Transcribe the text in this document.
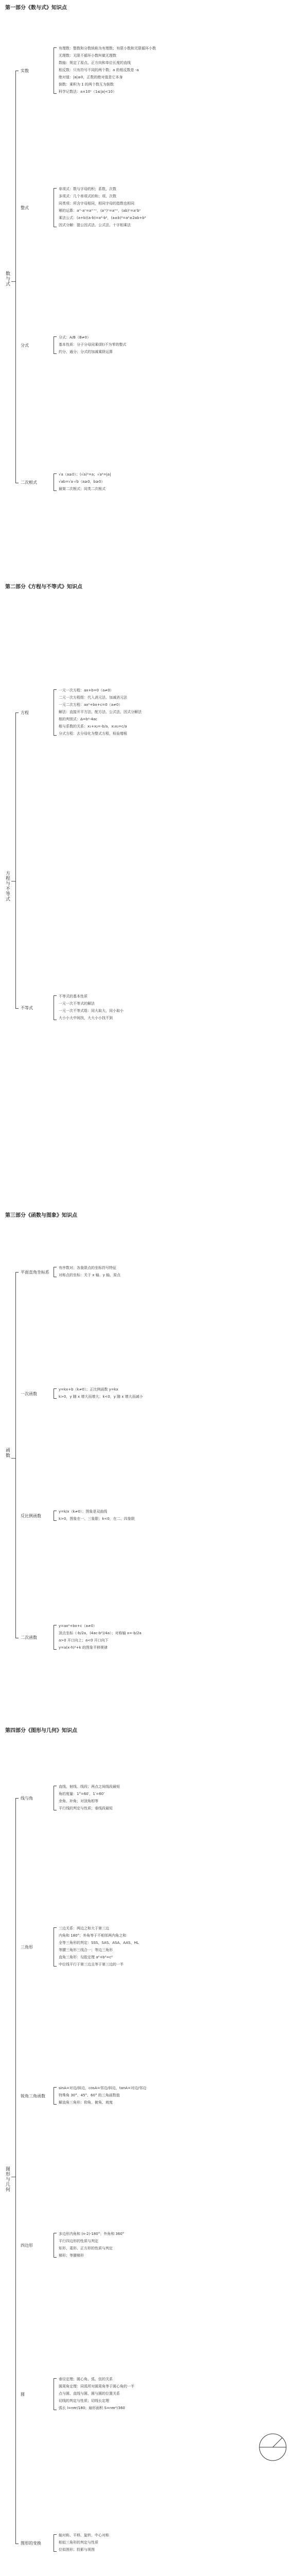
第一部分《数与式》知识点
数与式
实数
有理数：整数和分数统称为有理数；有限小数和无限循环小数
无理数：无限不循环小数叫做无理数
数轴：规定了原点、正方向和单位长度的直线
相反数：只有符号不同的两个数；a 的相反数是 -a
绝对值：|a|≥0，正数的绝对值是它本身
倒数：乘积为 1 的两个数互为倒数
科学记数法：a×10ⁿ（1≤|a|<10）
整式
单项式：数与字母的积；系数、次数
多项式：几个单项式的和；项、次数
同类项：所含字母相同，相同字母的指数也相同
幂的运算：aᵐ·aⁿ=aᵐ⁺ⁿ，(aᵐ)ⁿ=aᵐⁿ，(ab)ⁿ=aⁿbⁿ
乘法公式：(a+b)(a-b)=a²-b²，(a±b)²=a²±2ab+b²
因式分解：提公因式法、公式法、十字相乘法
分式
分式：A/B（B≠0）
基本性质：分子分母同乘(除)不为零的整式
约分、通分；分式的加减乘除运算
二次根式
√a（a≥0）；(√a)²=a；√a²=|a|
√ab=√a·√b（a≥0，b≥0）
最简二次根式；同类二次根式
第二部分《方程与不等式》知识点
方程与不等式
方程
一元一次方程：ax+b=0（a≠0）
二元一次方程组：代入消元法、加减消元法
一元二次方程：ax²+bx+c=0（a≠0）
解法：直接开平方法、配方法、公式法、因式分解法
根的判别式：Δ=b²-4ac
根与系数的关系：x₁+x₂=-b/a，x₁x₂=c/a
分式方程：去分母化为整式方程，检验增根
不等式
不等式的基本性质
一元一次不等式的解法
一元一次不等式组：同大取大，同小取小
大小小大中间找，大大小小找不到
第三部分《函数与图象》知识点
函数
平面直角坐标系
有序数对；各象限点的坐标符号特征
对称点的坐标：关于 x 轴、y 轴、原点
一次函数
y=kx+b（k≠0）；正比例函数 y=kx
k>0，y 随 x 增大而增大；k<0，y 随 x 增大而减小
反比例函数
y=k/x（k≠0）；图象是双曲线
k>0，图象在一、三象限；k<0，在二、四象限
二次函数
y=ax²+bx+c（a≠0）
顶点坐标（-b/2a，(4ac-b²)/4a）；对称轴 x=-b/2a
a>0 开口向上；a<0 开口向下
y=a(x-h)²+k 的图象平移规律
第四部分《图形与几何》知识点
图形与几何
线与角
直线、射线、线段；两点之间线段最短
角的度量：1°=60′，1′=60″
余角、补角；对顶角相等
平行线的判定与性质；垂线段最短
三角形
三边关系：两边之和大于第三边
内角和 180°；外角等于不相邻两内角之和
全等三角形的判定：SSS、SAS、ASA、AAS、HL
等腰三角形三线合一；等边三角形
直角三角形：勾股定理 a²+b²=c²
中位线平行于第三边且等于第三边的一半
锐角三角函数
sinA=对边/斜边，cosA=邻边/斜边，tanA=对边/邻边
特殊角 30°、45°、60° 的三角函数值
解直角三角形：仰角、俯角、坡度
四边形
多边形内角和 (n-2)·180°；外角和 360°
平行四边形的性质与判定
矩形、菱形、正方形的性质与判定
梯形；等腰梯形
圆
垂径定理；圆心角、弧、弦的关系
圆周角定理：同弧所对圆周角等于圆心角的一半
点与圆、直线与圆、圆与圆的位置关系
切线的判定与性质；切线长定理
弧长 l=nπr/180；扇形面积 S=nπr²/360
图形的变换
轴对称、平移、旋转、中心对称
相似三角形的判定与性质
位似图形；投影与视图
